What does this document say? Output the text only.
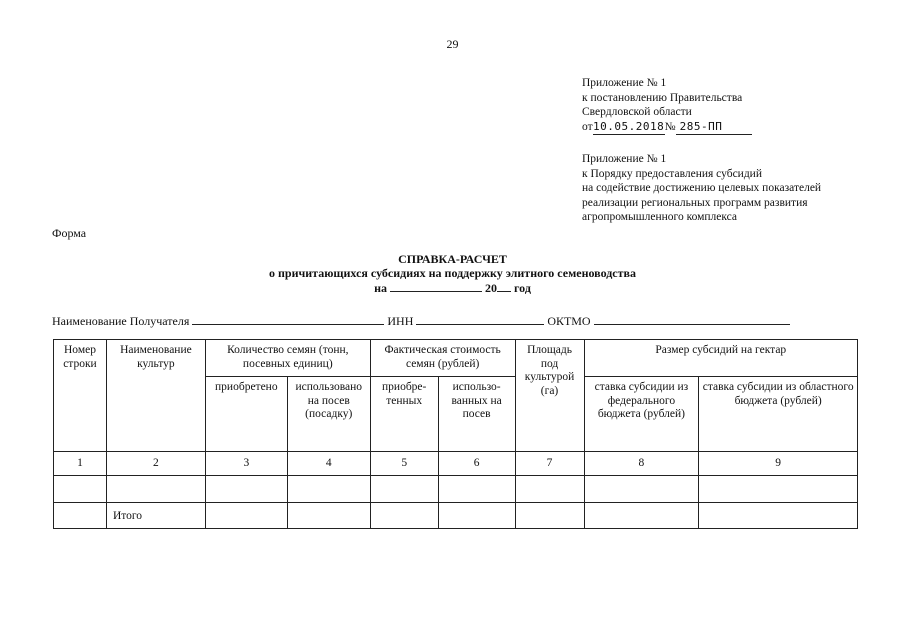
29
Приложение № 1
к постановлению Правительства
Свердловской области
от10.05.2018№ 285-ПП
Приложение № 1
к Порядку предоставления субсидий
на содействие достижению целевых показателей
реализации региональных программ развития
агропромышленного комплекса
Форма
СПРАВКА-РАСЧЕТ
о причитающихся субсидиях на поддержку элитного семеноводства
на	20 год
Наименование Получателя	ИНН	ОКТМО
Номер строки	Наименование культур	Количество семян (тонн, посевных единиц)		Фактическая стоимость семян (рублей)		Площадь под культурой (га)	Размер субсидий на гектар	
		приобретено	использовано на посев (посадку)	приобре-тенных	использо-ванных на посев		ставка субсидии из федерального бюджета (рублей)	ставка субсидии из областного бюджета (рублей)
1	2	3	4	5	6	7	8	9

	Итого							
